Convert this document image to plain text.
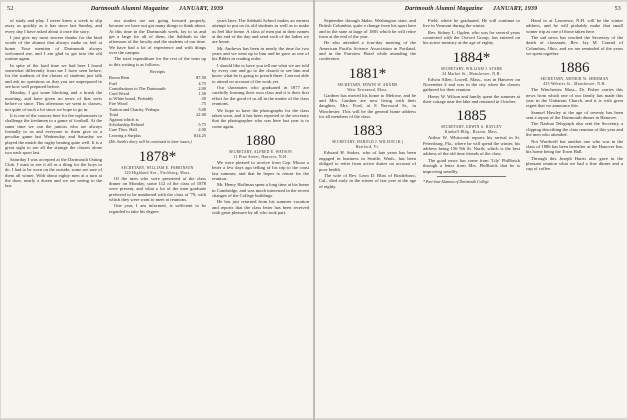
52	Dartmouth Alumni Magazine JANUARY, 1939

of study and play. I never knew a week to slip away as quickly as it has since last Sunday, and every day I have asked about it once the story.

I just give my most sincere thanks for the kind words of the alumni that always make us feel at home. Your mention of Dartmouth always welcomed me, and I am glad to get into the old routine again.

In spite of the hard time we had here I found somewhat differently from me I have seen before, for the students of the classes of students just talk and ask no questions so that you are unprepared to see how well prepared before.

Monday, I got some blocking and a brush the morning, and have given no news of that sorts before or since. This afternoon we went to classes, not quite of such a lot since we hope to go in.

It is one of the courses here for the sophomores to challenge the freshmen to a game of football. At the same time we can the juniors who are always formally to us and everyone to them give us a peculiar game last Wednesday, and Saturday we played the match the rugby beating quite well. It is a great sight to see all the strange the classes alone two each sport last.

Saturday I was accepted at the Dartmouth Outing Club. I want to see it all as a thing for the boys to do. I had to be worn on the outside, some are sure of them all winter. With about eighty men at a turn at the door, nearly a dozen and we are seeing to the last.

our studies are not going forward properly, because we have not got many things to think about. At this time in the Dartmouth week, lay to us and get a large for all of them, the Sabbath in the afternoon of the faculty and the students of our time. We have had a lot of experience and with things over the campus.

The total expenditure for the rest of the term up to this writing is as follows:

Receipts
Room Rent	$7.50
Fuel	4.75
Contributions to The Dartmouth	2.00
Card Wood	1.50
to White board, Probably	.50
Fire Wood	.75
Tuition and Charity, Perhaps	5.00
Total	22.00
Against which is
Scholarship Refund	5.75
Care Thos. Hall	2.00
Leaving a Surplus	$14.25
(Mr. Smith's diary will be continued in later issues.)
1878*
SECRETARY, WILLIAM E. PARKINSON
120 Highland Ave., Fitchburg, Mass.

Of the men who were presented at the class dinner on Monday, some 112 of the class of 1878 were present, and what a lot of the men graduate preferred to be numbered with the class of '79, with which they were wont to meet at reunions.

One year, I am informed, is sufficient to be regarded to take his degree.

years later. The Sabbath School makes an earnest attempt to put on its old students as well as to make us feel like home. A class of men put in their names at the end of the day and send each of the ladies we are home.

Mr. Andrews has been in nearly the time for two years and we went up to him and he gave us one of his Bibles in reading order.

I should like to have you tell me what we are told by every one and go to the church to see him and know what he is going to preach there. I am not able to attend on account of the work yet.

Our classmates who graduated in 1877 are carefully forming their own class and it is their first effort for the good of us all in the matter of the class reunions.

We hope to have the photographs for the class taken soon, and it has been reported to the secretary that the photographer who was here last year is to come again.

1880
SECRETARY, ALFRED E. WATSON
11 Pine Street, Hanover, N.H.

We were pleased to receive from Cap. Moore a letter a few days ago telling of his trip to the coast last summer, and that he hopes to return for the reunion.

Mr. Henry Hoffman spent a long time at his home in Cambridge, and was much interested in the recent changes of the College buildings.

He has just returned from his summer vacation and reports that the class letter has been received with great pleasure by all who took part.

Dartmouth Alumni Magazine JANUARY, 1939	53

September through Idaho, Washington state, and British Columbia, quite a change from his sport here and in the state at large of 1881 which he will retire from at the end of the year.

He also attended a four-day meeting of the American Pacific Science Association in Portland, and in the Fairview Hotel while attending the conference.

1881*
SECRETARY, EDWIN W. ADAMS
West Townsend, Mass.

Gardner has moved his home to Melrose, and he and Mrs. Gardner are now living with their daughter, Mrs. Ford, at 8 Norwood St., in Winchester. This will be the general home address for all members of the class.

1883
SECRETARY, HAROLD J. WILSON (R.)
Hartford, Vt.

Edward H. Stokes, who of late years has been engaged in business in Seattle, Wash., has been obliged to retire from active duties on account of poor health.

The wife of Rev. Leon D. Bliss of Brattleboro, Cal., died early in the winter of last year at the age of eighty.

Field, where he graduated. He will continue to live in Vermont during the winter.

Rev. Sidney L. Ogden, who was for several years connected with the Oxford Group, has entered on his active ministry at the age of eighty.

1884*
SECRETARY, WILLIAM J. STARR
24 Market St., Manchester, N.H.

Edwin Allen, Lowell, Mass., was in Hanover on November 4 and was in the city when the classes gathered for their reunion.

Henry W. Wilson and family spent the summer at their cottage near the lake and returned in October.

1885
SECRETARY, EDWIN A. BAYLEY
Kimball Bldg., Boston, Mass.

Arthur W. Whitcomb reports his arrival in St. Petersburg, Fla., where he will spend the winter, his address being 156 9th St. North, which is the best address of the old time friends of the class.

The good news has come from 'Lily' Phillbrick through a letter from Mrs. Phillbrick that he is improving steadily.

* Part-time Alumnus of Dartmouth College

Hand in at Lawrence, N.H. will be the winter address, and he will probably make that small winter trip as one of those taken here.

The sad news has reached the Secretary of the death of classmate, Rev. Jay M. Conrad of Columbus, Ohio, and we are reminded of the years we spent together.

1886
SECRETARY, ARTHUR W. SHERMAN
435 Webster St., Manchester, N.H.

The Winchester, Mass., Dr. Fisher carries this news from which one of our family has made this year in the Unitarian Church, and it is with great regret that we announce this.

Samuel Hawley at the age of seventy has been sent a report of the Dartmouth dinner in Hanover.

The Nashua Telegraph also sent the Secretary a clipping describing the class reunion of this year and the men who attended.

Not Wardwell but another one who was in the class of 1886 has been hereafter at the Hanover Inn, his home being the Town Hall.

Through this Joseph Harris also gave in the pleasant reunion what we had a fine dinner and a cup of coffee.
